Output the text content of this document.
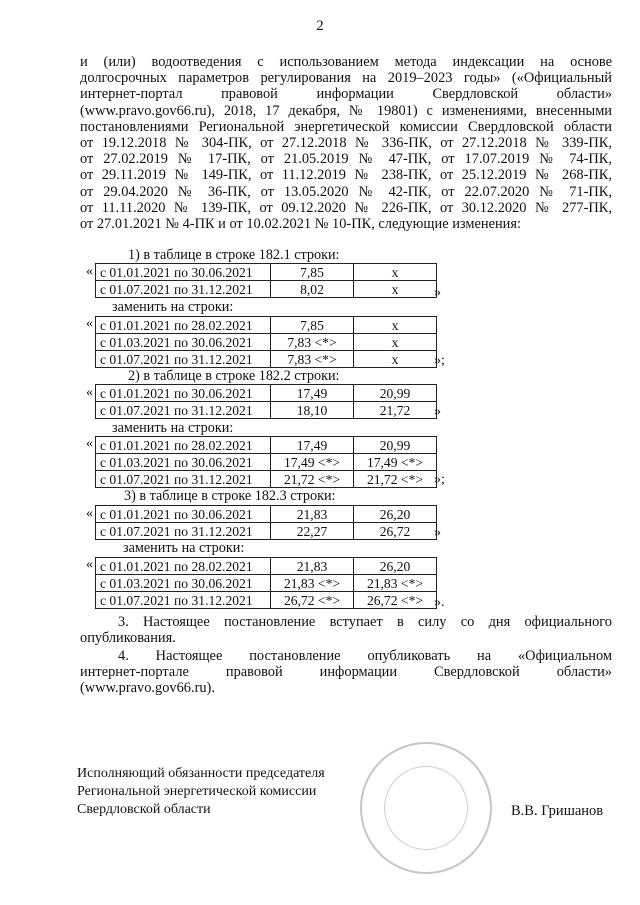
2
и (или) водоотведения с использованием метода индексации на основе
долгосрочных параметров регулирования на 2019–2023 годы» («Официальный
интернет-портал правовой информации Свердловской области»
(www.pravo.gov66.ru), 2018, 17 декабря, № 19801) с изменениями, внесенными
постановлениями Региональной энергетической комиссии Свердловской области
от 19.12.2018 № 304-ПК, от 27.12.2018 № 336-ПК, от 27.12.2018 № 339-ПК,
от 27.02.2019 № 17-ПК, от 21.05.2019 № 47-ПК, от 17.07.2019 № 74-ПК,
от 29.11.2019 № 149-ПК, от 11.12.2019 № 238-ПК, от 25.12.2019 № 268-ПК,
от 29.04.2020 № 36-ПК, от 13.05.2020 № 42-ПК, от 22.07.2020 № 71-ПК,
от 11.11.2020 № 139-ПК, от 09.12.2020 № 226-ПК, от 30.12.2020 № 277-ПК,
от 27.01.2021 № 4-ПК и от 10.02.2021 № 10-ПК, следующие изменения:
1) в таблице в строке 182.1 строки:
« с 01.01.2021 по 30.06.2021	7,85	х
с 01.07.2021 по 31.12.2021	8,02	х	»
заменить на строки:
« с 01.01.2021 по 28.02.2021	7,85	х
с 01.03.2021 по 30.06.2021	7,83 <*>	х
с 01.07.2021 по 31.12.2021	7,83 <*>	х	»;
2) в таблице в строке 182.2 строки:
« с 01.01.2021 по 30.06.2021	17,49	20,99
с 01.07.2021 по 31.12.2021	18,10	21,72 »
заменить на строки:
« с 01.01.2021 по 28.02.2021	17,49	20,99
с 01.03.2021 по 30.06.2021	17,49 <*>	17,49 <*>
с 01.07.2021 по 31.12.2021	21,72 <*>	21,72 <*> »;
3) в таблице в строке 182.3 строки:
« с 01.01.2021 по 30.06.2021	21,83	26,20
с 01.07.2021 по 31.12.2021	22,27	26,72 »
заменить на строки:
« с 01.01.2021 по 28.02.2021	21,83	26,20
с 01.03.2021 по 30.06.2021	21,83 <*>	21,83 <*>
с 01.07.2021 по 31.12.2021	26,72 <*>	26,72 <*> ».
3. Настоящее постановление вступает в силу со дня официального
опубликования.
4. Настоящее постановление опубликовать на «Официальном
интернет-портале правовой информации Свердловской области»
(www.pravo.gov66.ru).
Исполняющий обязанности председателя
Региональной энергетической комиссии
Свердловской области	В.В. Гришанов
